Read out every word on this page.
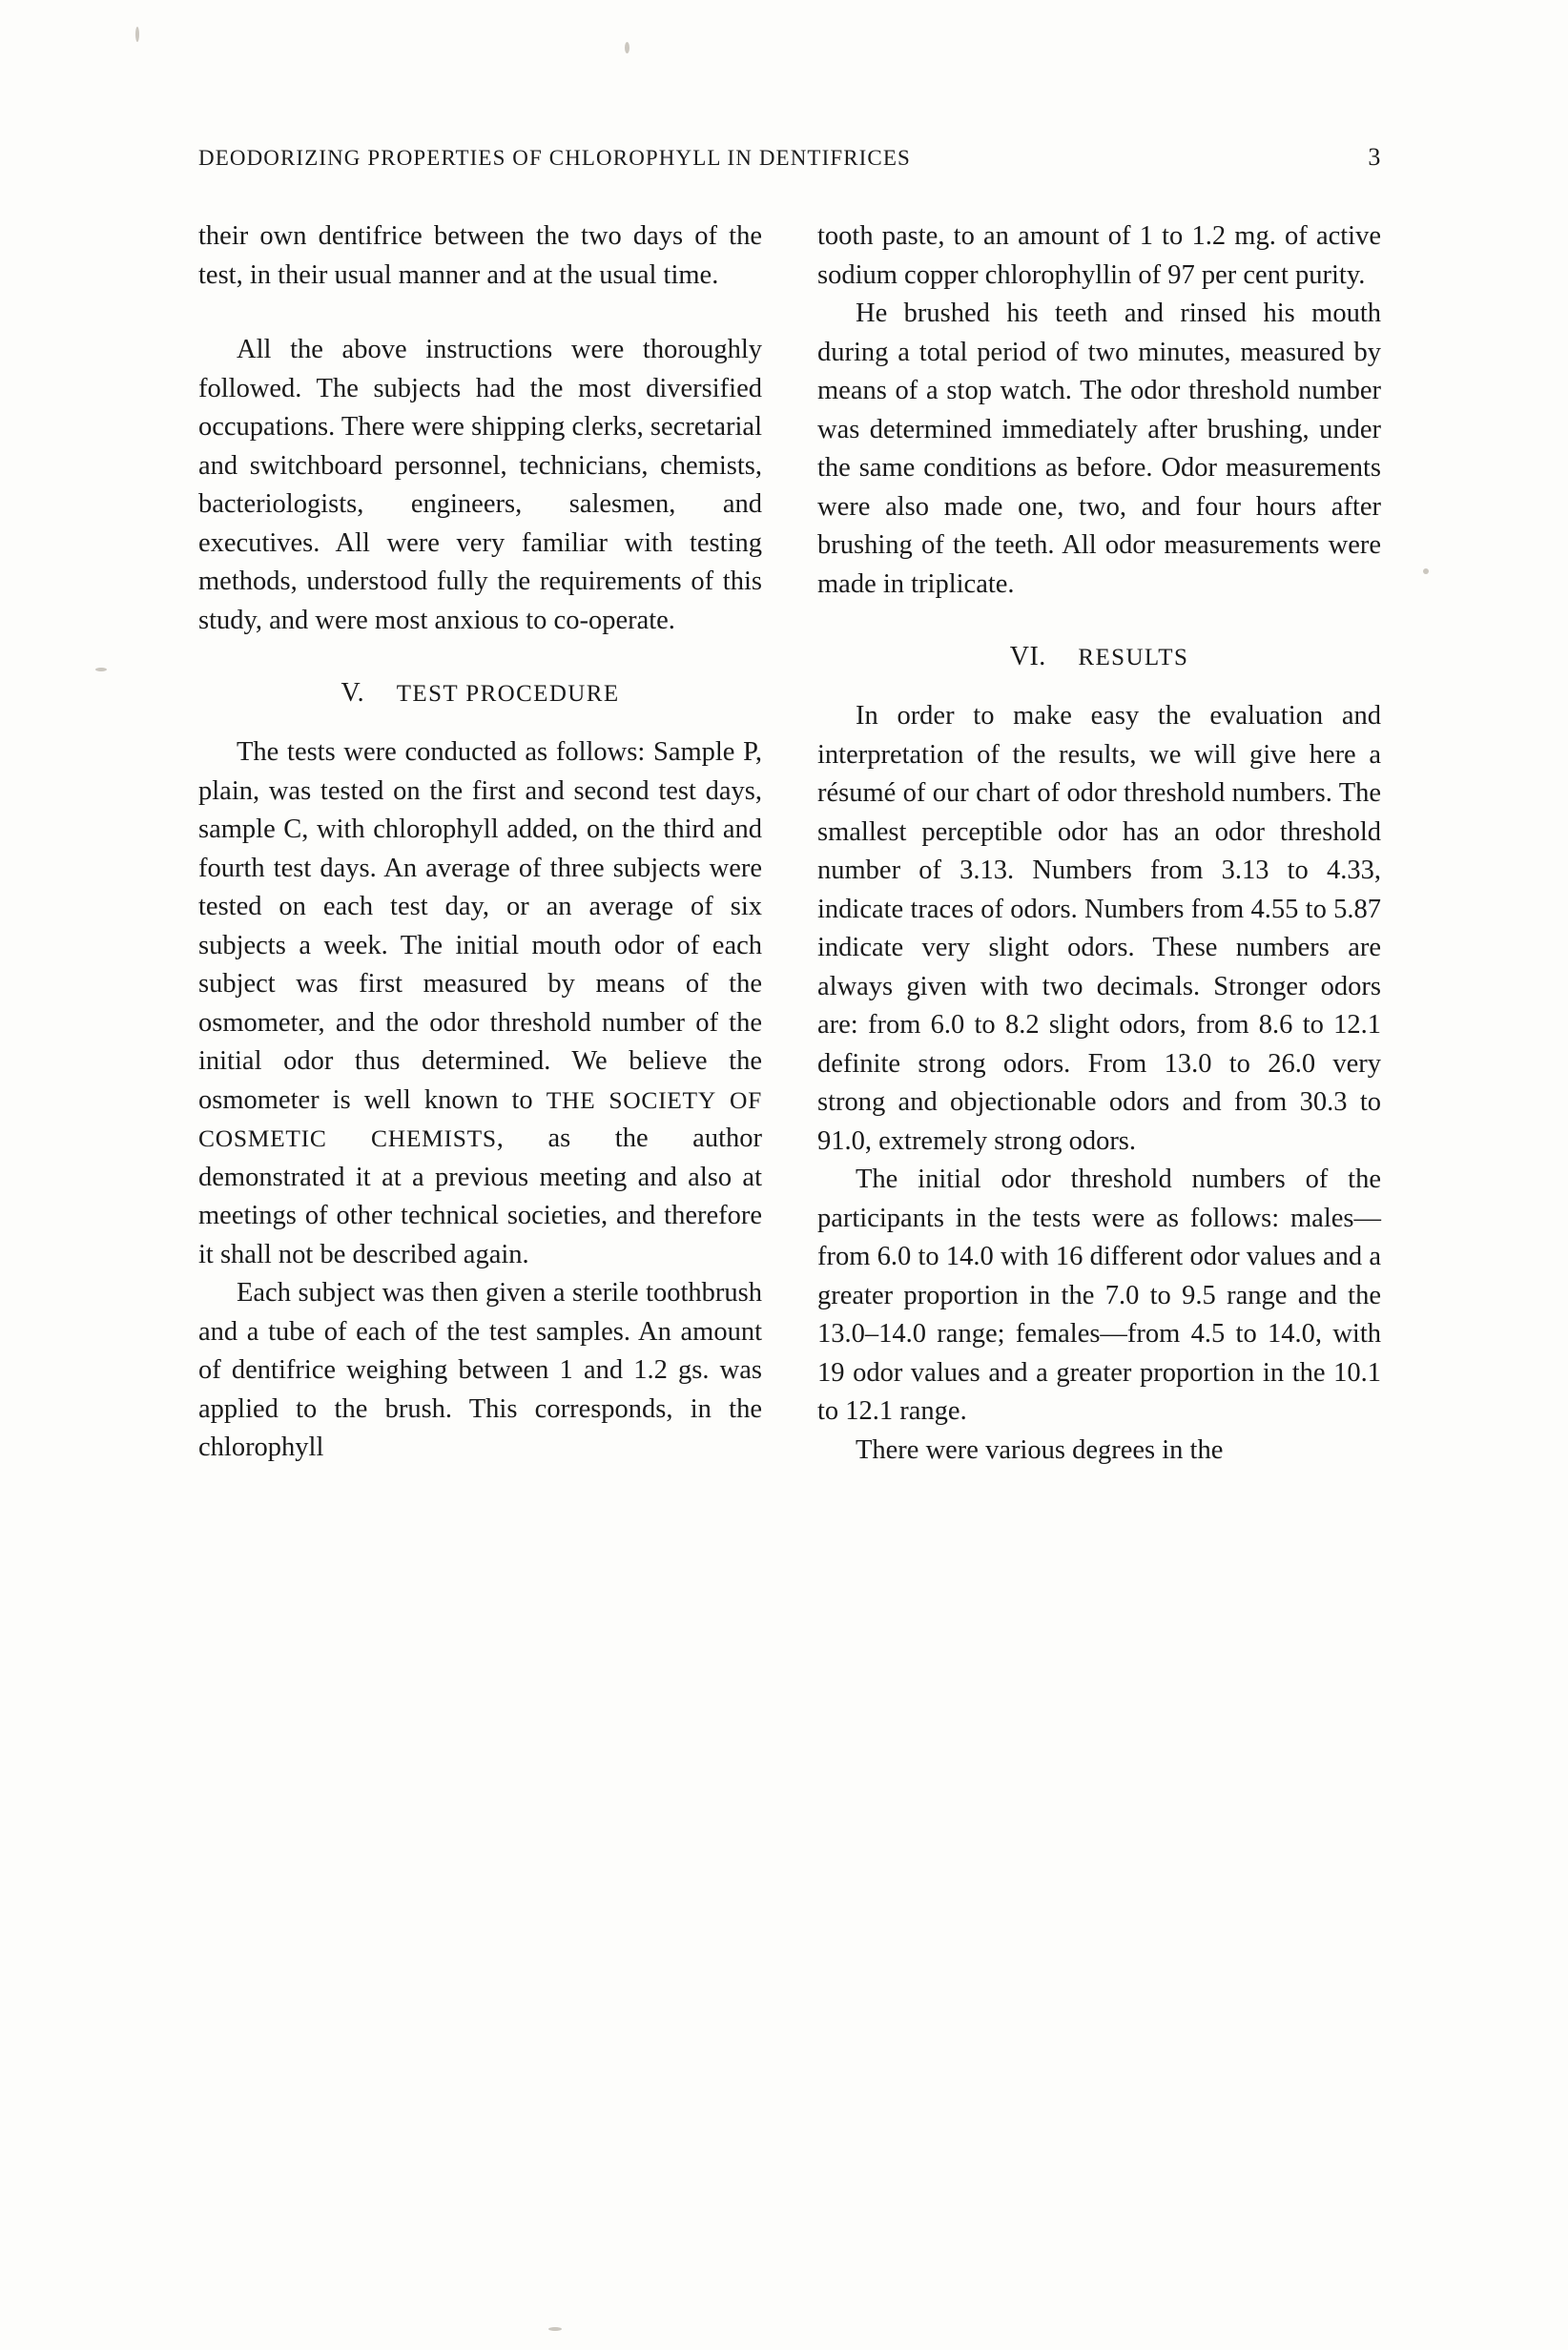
DEODORIZING PROPERTIES OF CHLOROPHYLL IN DENTIFRICES	3

their own dentifrice between the two days of the test, in their usual manner and at the usual time.

All the above instructions were thoroughly followed. The subjects had the most diversified occupations. There were shipping clerks, secretarial and switchboard personnel, technicians, chemists, bacteriologists, engineers, salesmen, and executives. All were very familiar with testing methods, understood fully the requirements of this study, and were most anxious to co-operate.

V. TEST PROCEDURE

The tests were conducted as follows: Sample P, plain, was tested on the first and second test days, sample C, with chlorophyll added, on the third and fourth test days. An average of three subjects were tested on each test day, or an average of six subjects a week. The initial mouth odor of each subject was first measured by means of the osmometer, and the odor threshold number of the initial odor thus determined. We believe the osmometer is well known to THE SOCIETY OF COSMETIC CHEMISTS, as the author demonstrated it at a previous meeting and also at meetings of other technical societies, and therefore it shall not be described again.

Each subject was then given a sterile toothbrush and a tube of each of the test samples. An amount of dentifrice weighing between 1 and 1.2 gs. was applied to the brush. This corresponds, in the chlorophyll

tooth paste, to an amount of 1 to 1.2 mg. of active sodium copper chlorophyllin of 97 per cent purity.

He brushed his teeth and rinsed his mouth during a total period of two minutes, measured by means of a stop watch. The odor threshold number was determined immediately after brushing, under the same conditions as before. Odor measurements were also made one, two, and four hours after brushing of the teeth. All odor measurements were made in triplicate.

VI. RESULTS

In order to make easy the evaluation and interpretation of the results, we will give here a résumé of our chart of odor threshold numbers. The smallest perceptible odor has an odor threshold number of 3.13. Numbers from 3.13 to 4.33, indicate traces of odors. Numbers from 4.55 to 5.87 indicate very slight odors. These numbers are always given with two decimals. Stronger odors are: from 6.0 to 8.2 slight odors, from 8.6 to 12.1 definite strong odors. From 13.0 to 26.0 very strong and objectionable odors and from 30.3 to 91.0, extremely strong odors.

The initial odor threshold numbers of the participants in the tests were as follows: males—from 6.0 to 14.0 with 16 different odor values and a greater proportion in the 7.0 to 9.5 range and the 13.0–14.0 range; females—from 4.5 to 14.0, with 19 odor values and a greater proportion in the 10.1 to 12.1 range.

There were various degrees in the
